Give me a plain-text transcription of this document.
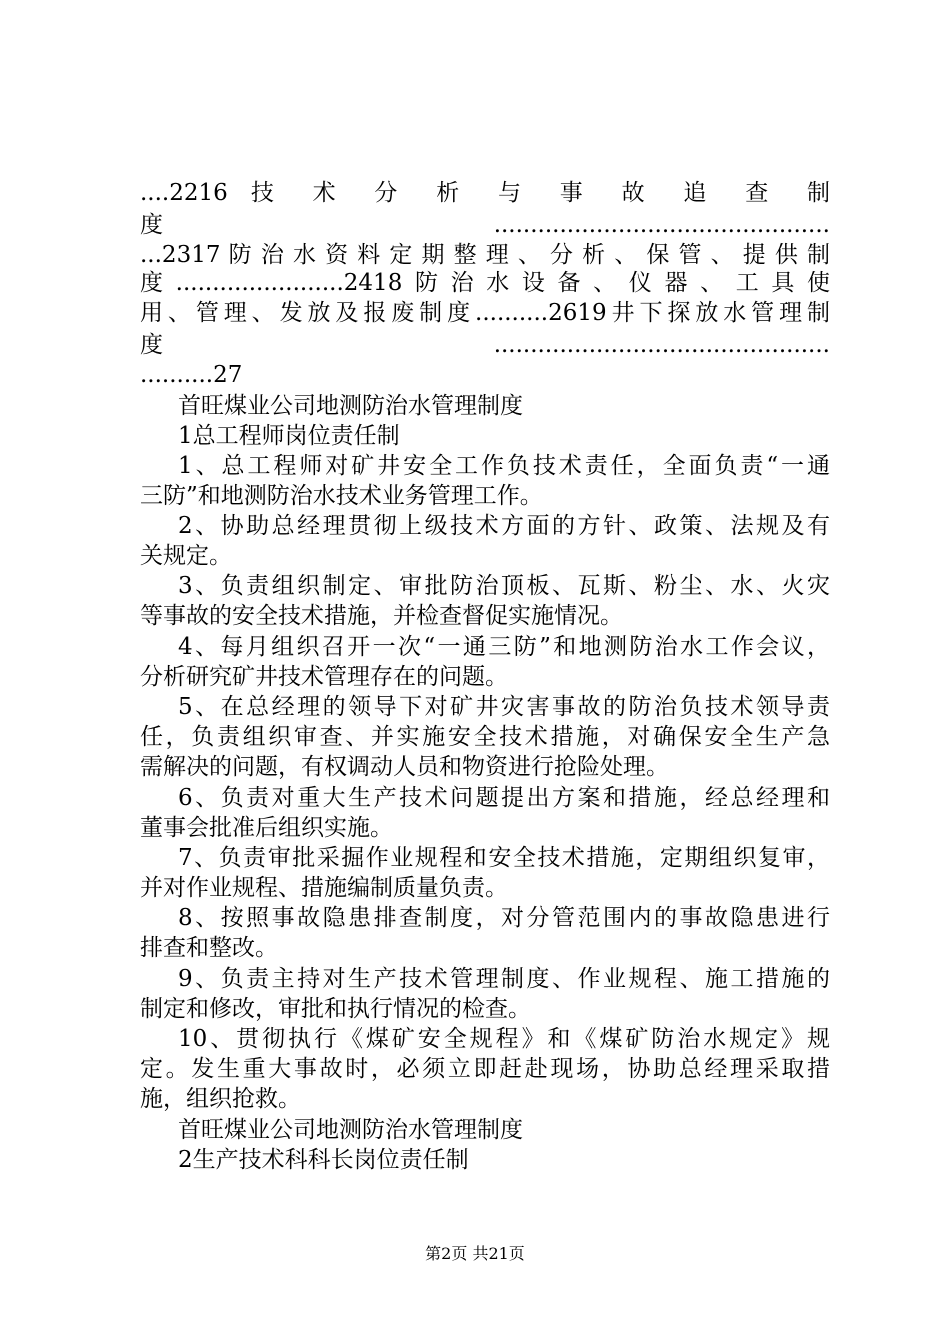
....2216 技 术 分 析 与 事 故 追 查 制
度..............................................
...2317 防 治 水 资 料 定 期 整 理 、 分 析 、 保 管 、 提 供 制
度.......................2418防治水设备、仪器、工具使
用、管理、发放及报废制度..........2619井下探放水管理制
度..............................................
..........27
首旺煤业公司地测防治水管理制度
1总工程师岗位责任制
1、总工程师对矿井安全工作负技术责任，全面负责“一通
三防”和地测防治水技术业务管理工作。
2、协助总经理贯彻上级技术方面的方针、政策、法规及有
关规定。
3、负责组织制定、审批防治顶板、瓦斯、粉尘、水、火灾
等事故的安全技术措施，并检查督促实施情况。
4、每月组织召开一次“一通三防”和地测防治水工作会议，
分析研究矿井技术管理存在的问题。
5、在总经理的领导下对矿井灾害事故的防治负技术领导责
任，负责组织审查、并实施安全技术措施，对确保安全生产急
需解决的问题，有权调动人员和物资进行抢险处理。
6、负责对重大生产技术问题提出方案和措施，经总经理和
董事会批准后组织实施。
7、负责审批采掘作业规程和安全技术措施，定期组织复审，
并对作业规程、措施编制质量负责。
8、按照事故隐患排查制度，对分管范围内的事故隐患进行
排查和整改。
9、负责主持对生产技术管理制度、作业规程、施工措施的
制定和修改，审批和执行情况的检查。
10、贯彻执行《煤矿安全规程》和《煤矿防治水规定》规
定。发生重大事故时，必须立即赶赴现场，协助总经理采取措
施，组织抢救。
首旺煤业公司地测防治水管理制度
2生产技术科科长岗位责任制
第2页 共21页
